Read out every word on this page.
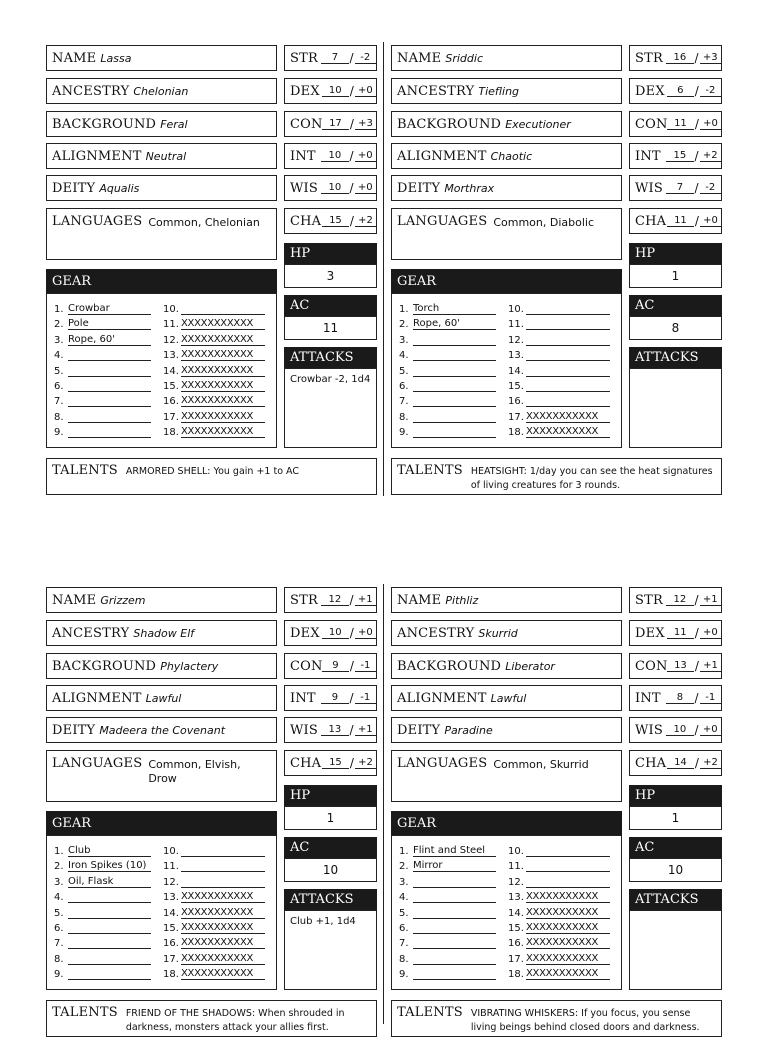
NAME Lassa
ANCESTRY Chelonian
BACKGROUND Feral
ALIGNMENT Neutral
DEITY Aqualis
LANGUAGES Common, Chelonian
STR	7 / -2
DEX 10 / +0
CON 17 / +3
INT	10 / +0
WIS	10 / +0
CHA 15 / +2
HP
3
AC
11
ATTACKS
Crowbar -2, 1d4
GEAR
1. Crowbar
2. Pole
3. Rope, 60'
4.
5.
6.
7.
8.
9.
10.
11. XXXXXXXXXXX
12. XXXXXXXXXXX
13. XXXXXXXXXXX
14. XXXXXXXXXXX
15. XXXXXXXXXXX
16. XXXXXXXXXXX
17. XXXXXXXXXXX
18. XXXXXXXXXXX
TALENTS ARMORED SHELL: You gain +1 to AC
NAME Sriddic
ANCESTRY Tiefling
BACKGROUND Executioner
ALIGNMENT Chaotic
DEITY Morthrax
LANGUAGES Common, Diabolic
STR	16 / +3
DEX	6 / -2
CON 11 / +0
INT	15 / +2
WIS	7 / -2
CHA 11 / +0
HP
1
AC
8
ATTACKS
GEAR
1. Torch
2. Rope, 60'
3.
4.
5.
6.
7.
8.
9.
10.
11.
12.
13.
14.
15.
16.
17. XXXXXXXXXXX
18. XXXXXXXXXXX
TALENTS HEATSIGHT: 1/day you can see the heat signatures of living creatures for 3 rounds.
NAME Grizzem
ANCESTRY Shadow Elf
BACKGROUND Phylactery
ALIGNMENT Lawful
DEITY Madeera the Covenant
LANGUAGES Common, Elvish, Drow
STR	12 / +1
DEX 10 / +0
CON 9 / -1
INT	9 / -1
WIS	13 / +1
CHA 15 / +2
HP
1
AC
10
ATTACKS
Club +1, 1d4
GEAR
1. Club
2. Iron Spikes (10)
3. Oil, Flask
4.
5.
6.
7.
8.
9.
10.
11.
12.
13. XXXXXXXXXXX
14. XXXXXXXXXXX
15. XXXXXXXXXXX
16. XXXXXXXXXXX
17. XXXXXXXXXXX
18. XXXXXXXXXXX
TALENTS FRIEND OF THE SHADOWS: When shrouded in darkness, monsters attack your allies first.
NAME Pithliz
ANCESTRY Skurrid
BACKGROUND Liberator
ALIGNMENT Lawful
DEITY Paradine
LANGUAGES Common, Skurrid
STR	12 / +1
DEX 11 / +0
CON 13 / +1
INT	8 / -1
WIS	10 / +0
CHA 14 / +2
HP
1
AC
10
ATTACKS
GEAR
1. Flint and Steel
2. Mirror
3.
4.
5.
6.
7.
8.
9.
10.
11.
12.
13. XXXXXXXXXXX
14. XXXXXXXXXXX
15. XXXXXXXXXXX
16. XXXXXXXXXXX
17. XXXXXXXXXXX
18. XXXXXXXXXXX
TALENTS VIBRATING WHISKERS: If you focus, you sense living beings behind closed doors and darkness.
